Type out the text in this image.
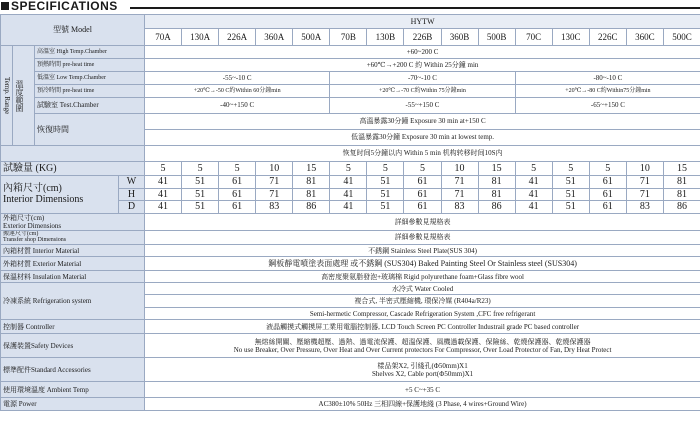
SPECIFICATIONS
型號 Model				HYTW														
				70A	130A	226A	360A	500A	70B	130B	226B	360B	500B	70C	130C	226C	360C	500C

Temp. Range	溫度範圍	高溫室 High Temp.Chamber		+60~200 C														
		預熱時間 pre-heat time		+60℃→+200 C 約 Within 25分鐘 min														
		低溫室 Low Temp.Chamber		-55~-10 C					-70~-10 C					-80~-10 C				
		預冷時間 pre-heat time		+20℃→-50 C約Within 60分鐘min					+20℃→-70 C約Within 75分鐘min					+20℃→-80 C約Within75分鐘min				
		試驗室 Test.Chamber		-40~+150 C					-55~+150 C					-65~+150 C				
		恢復時間		高溫暴露30分鐘 Exposure 30 min at+150 C														
				低溫暴露30分鐘 Exposure 30 min at lowest temp.														
				恢复时间5分鐘以内 Within 5 min 机构转移时间10S内														
試驗量 (KG)				5	5	5	10	15	5	5	5	10	15	5	5	5	10	15
內箱尺寸(cm)
Interior Dimensions			W	41	51	61	71	81	41	51	61	71	81	41	51	61	71	81
			H	41	51	61	71	81	41	51	61	71	81	41	51	61	71	81
			D	41	51	61	83	86	41	51	61	83	86	41	51	61	83	86
外箱尺寸(cm)
Exterior Dimensions				詳細參數見規格表														
搬運尺寸(cm)
Transfer shop Dimensions				詳細參數見規格表														
內箱材質 Interior Material				不銹鋼 Stainless Steel Plate(SUS 304)														
外箱材質 Exterior Material				鋼板靜電噴塗表面處理 或不銹鋼 (SUS304) Baked Painting Steel Or Stainless steel (SUS304)														
保溫材料 Insulation Material				高密度聚氨脂發泡+玻璃棉 Rigid polyurethane foam+Glass fibre wool														
冷凍系統 Refrigeration system				水冷式 Water Cooled														
				複合式, 半密式壓縮機, 環保冷媒 (R404a/R23)														
				Semi-hermetic Compressor, Cascade Refrigeration System ,CFC free refrigerant														
控制器 Controller				液晶觸摸式觸摸屏工業用電腦控制器, LCD Touch Screen PC Controller Industrail grade PC based controller														
保護裝置Safety Devices				無熔絲開關、壓縮機超壓、過熱、過電流保護、超溫保護、風機過載保護、保險絲、乾燒保護器、乾燒保護器
No use Breaker, Over Pressure, Over Heat and Over Current protectors For Compressor, Over Load Protector of Fan, Dry Heat Protect														
標準配件Standard Accessories				樣品架X2, 引綫孔(Φ50mm)X1
Shelves X2, Cable port(Φ50mm)X1														
使用環境溫度 Ambient Temp				+5 C~+35 C														
電源 Power				AC380±10% 50Hz 三相四線+保護地綫 (3 Phase, 4 wires+Ground Wire)														
